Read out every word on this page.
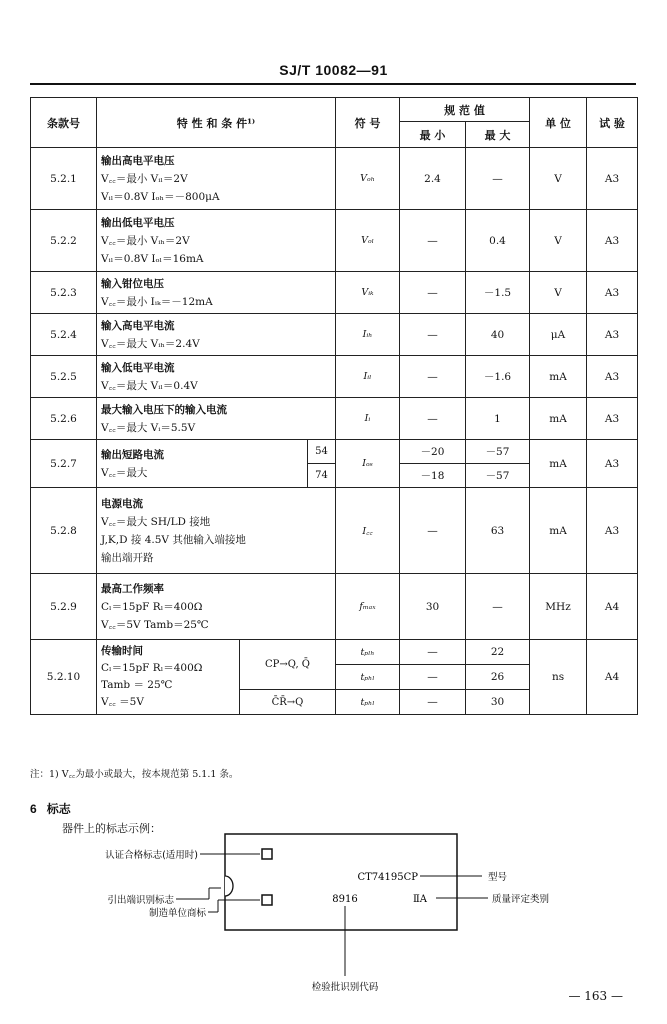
SJ/T 10082—91
条款号	特 性 和 条 件¹⁾			符 号	规 范 值		单 位	试 验
					最 小	最 大		
5.2.1	输出高电平电压
V꜀꜀＝最小 Vᵢₗ＝2V
Vᵢₗ＝0.8V Iₒₕ＝－800μA			Vₒₕ	2.4	—	V	A3
5.2.2	输出低电平电压
V꜀꜀＝最小 Vᵢₕ＝2V
Vᵢₗ＝0.8V Iₒₗ＝16mA			Vₒₗ	—	0.4	V	A3
5.2.3	输入钳位电压
V꜀꜀＝最小 Iᵢₖ＝－12mA			Vᵢₖ	—	－1.5	V	A3
5.2.4	输入高电平电流
V꜀꜀＝最大 Vᵢₕ＝2.4V			Iᵢₕ	—	40	μA	A3
5.2.5	输入低电平电流
V꜀꜀＝最大 Vᵢₗ＝0.4V			Iᵢₗ	—	－1.6	mA	A3
5.2.6	最大输入电压下的输入电流
V꜀꜀＝最大 Vᵢ＝5.5V			Iᵢ	—	1	mA	A3
5.2.7	输出短路电流
V꜀꜀＝最大		54	Iₒₛ	－20	－57	mA	A3
			74		－18	－57		
5.2.8	电源电流
V꜀꜀＝最大 SH/LD 接地
J,K,D 接 4.5V 其他输入端接地
输出端开路			I꜀꜀	—	63	mA	A3
5.2.9	最高工作频率
Cₗ＝15pF Rₗ＝400Ω
V꜀꜀＝5V Tamb＝25℃			fₘₐₓ	30	—	MHz	A4
5.2.10	传输时间
Cₗ＝15pF Rₗ＝400Ω
Tamb ＝ 25℃
V꜀꜀ ＝5V	CP→Q, Q̄		tₚₗₕ	—	22	ns	A4
				tₚₕₗ	—	26		
		C̄R̄→Q		tₚₕₗ	—	30		
注：1) V꜀꜀为最小或最大，按本规范第 5.1.1 条。
6 标志
器件上的标志示例：
认证合格标志(适用时)
引出端识别标志
制造单位商标
CT74195CP	型号
ⅡA	质量评定类别
8916
检验批识别代码
— 163 —
